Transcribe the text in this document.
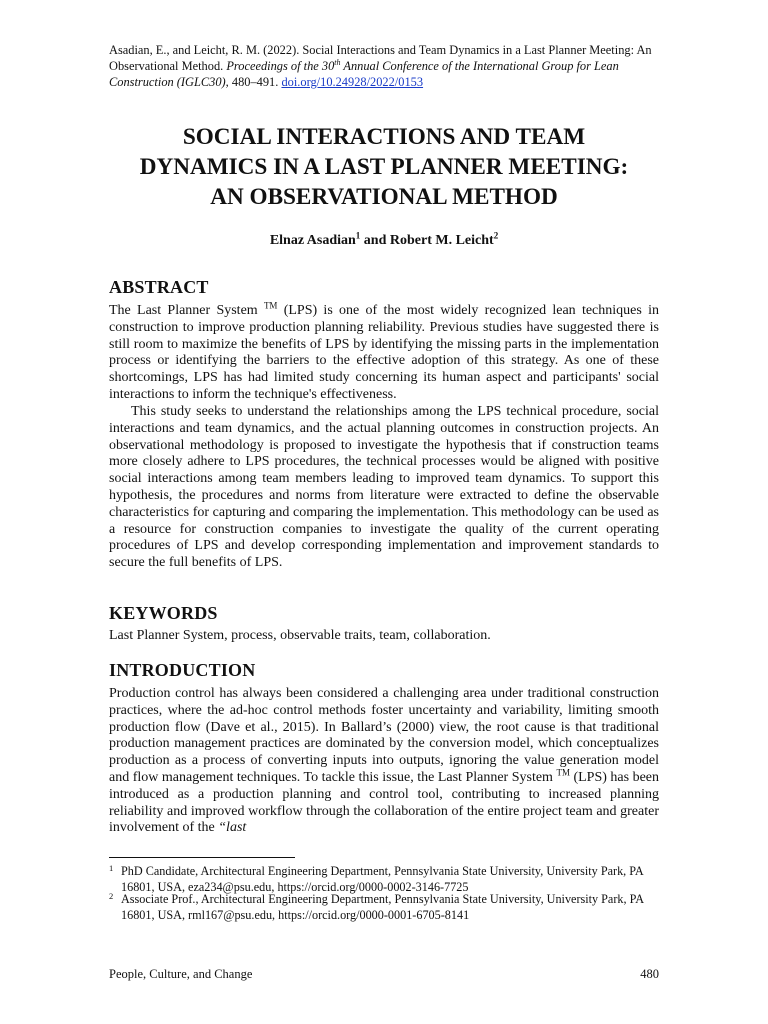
Asadian, E., and Leicht, R. M. (2022). Social Interactions and Team Dynamics in a Last Planner Meeting: An Observational Method. Proceedings of the 30th Annual Conference of the International Group for Lean Construction (IGLC30), 480–491. doi.org/10.24928/2022/0153
SOCIAL INTERACTIONS AND TEAM
DYNAMICS IN A LAST PLANNER MEETING:
AN OBSERVATIONAL METHOD
Elnaz Asadian$^1$ and Robert M. Leicht$^2$
ABSTRACT

The Last Planner System ™ (LPS) is one of the most widely recognized lean techniques in construction to improve production planning reliability. Previous studies have suggested there is still room to maximize the benefits of LPS by identifying the missing parts in the implementation process or identifying the barriers to the effective adoption of this strategy. As one of these shortcomings, LPS has had limited study concerning its human aspect and participants' social interactions to inform the technique's effectiveness.

This study seeks to understand the relationships among the LPS technical procedure, social interactions and team dynamics, and the actual planning outcomes in construction projects. An observational methodology is proposed to investigate the hypothesis that if construction teams more closely adhere to LPS procedures, the technical processes would be aligned with positive social interactions among team members leading to improved team dynamics. To support this hypothesis, the procedures and norms from literature were extracted to define the observable characteristics for capturing and comparing the implementation. This methodology can be used as a resource for construction companies to investigate the quality of the current operating procedures of LPS and develop corresponding implementation and improvement standards to secure the full benefits of LPS.

KEYWORDS

Last Planner System, process, observable traits, team, collaboration.

INTRODUCTION

Production control has always been considered a challenging area under traditional construction practices, where the ad-hoc control methods foster uncertainty and variability, limiting smooth production flow (Dave et al., 2015). In Ballard’s (2000) view, the root cause is that traditional production management practices are dominated by the conversion model, which conceptualizes production as a process of converting inputs into outputs, ignoring the value generation model and flow management techniques. To tackle this issue, the Last Planner System ™ (LPS) has been introduced as a production planning and control tool, contributing to increased planning reliability and improved workflow through the collaboration of the entire project team and greater involvement of the “last

1 PhD Candidate, Architectural Engineering Department, Pennsylvania State University, University Park, PA 16801, USA, eza234@psu.edu, https://orcid.org/0000-0002-3146-7725
2 Associate Prof., Architectural Engineering Department, Pennsylvania State University, University Park, PA 16801, USA, rml167@psu.edu, https://orcid.org/0000-0001-6705-8141
People, Culture, and Change	480
